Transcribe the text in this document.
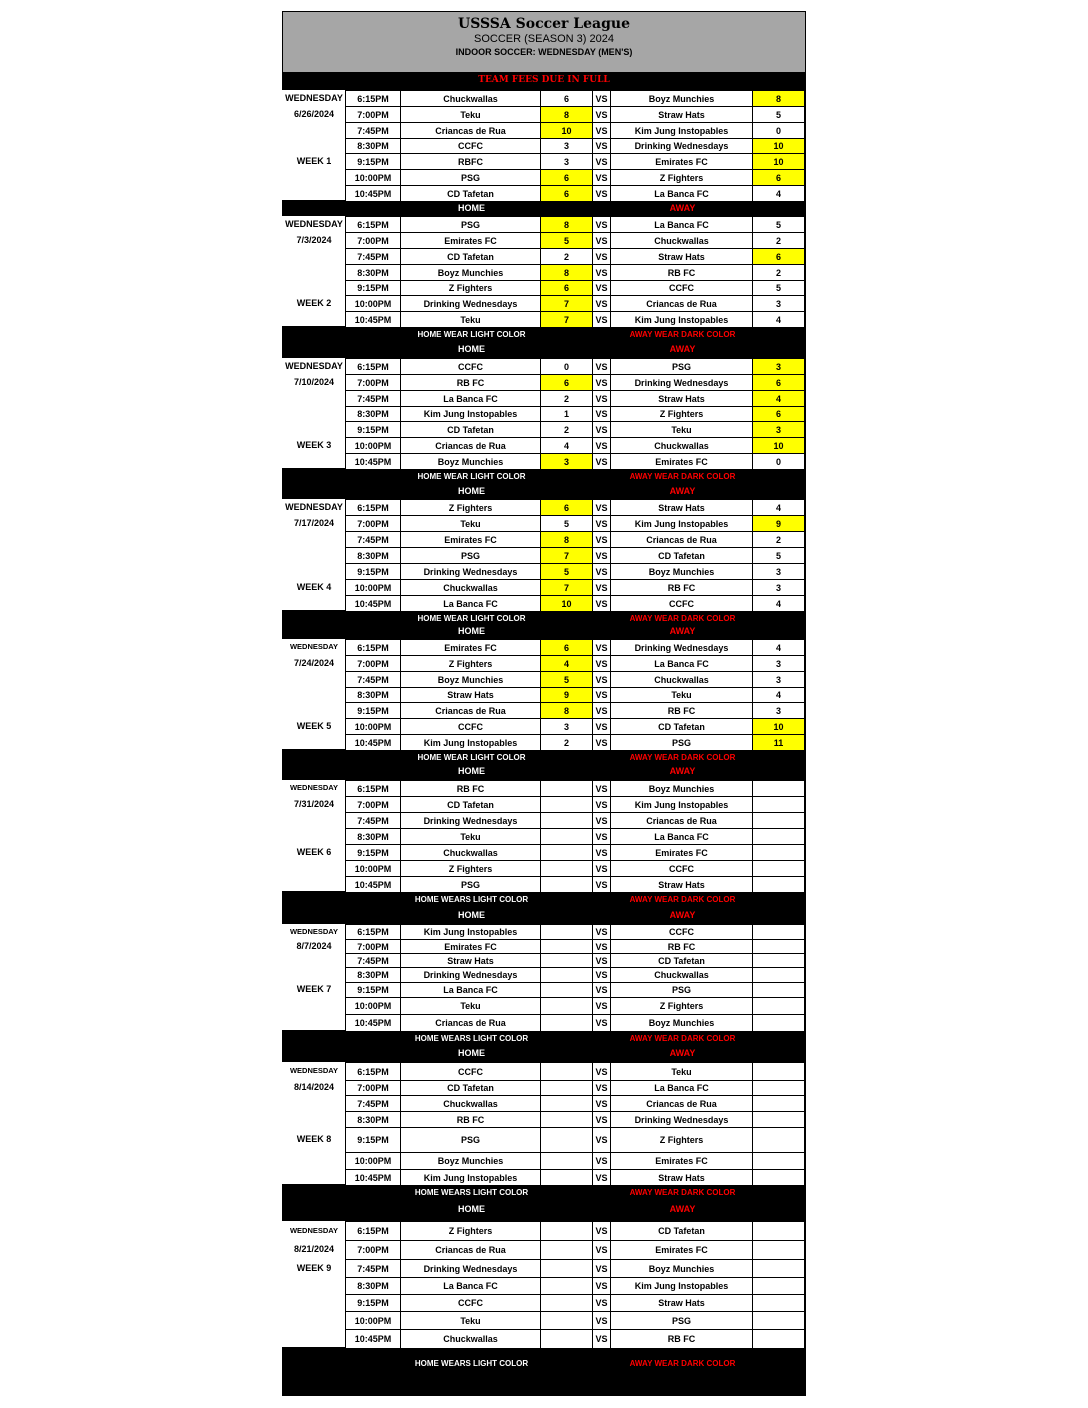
USSSA Soccer League
SOCCER (SEASON 3) 2024
INDOOR SOCCER: WEDNESDAY (MEN'S)
TEAM FEES DUE IN FULL
WEDNESDAY
6/26/2024
WEEK 1
6:15PM	Chuckwallas	6	VS	Boyz Munchies	8
7:00PM	Teku	8	VS	Straw Hats	5
7:45PM	Criancas de Rua	10	VS	Kim Jung Instopables	0
8:30PM	CCFC	3	VS	Drinking Wednesdays	10
9:15PM	RBFC	3	VS	Emirates FC	10
10:00PM	PSG	6	VS	Z Fighters	6
10:45PM	CD Tafetan	6	VS	La Banca FC	4
HOME	AWAY
WEDNESDAY
7/3/2024
WEEK 2
6:15PM	PSG	8	VS	La Banca FC	5
7:00PM	Emirates FC	5	VS	Chuckwallas	2
7:45PM	CD Tafetan	2	VS	Straw Hats	6
8:30PM	Boyz Munchies	8	VS	RB FC	2
9:15PM	Z Fighters	6	VS	CCFC	5
10:00PM	Drinking Wednesdays	7	VS	Criancas de Rua	3
10:45PM	Teku	7	VS	Kim Jung Instopables	4
HOME WEAR LIGHT COLOR	AWAY WEAR DARK COLOR
HOME	AWAY
WEDNESDAY
7/10/2024
WEEK 3
6:15PM	CCFC	0	VS	PSG	3
7:00PM	RB FC	6	VS	Drinking Wednesdays	6
7:45PM	La Banca FC	2	VS	Straw Hats	4
8:30PM	Kim Jung Instopables	1	VS	Z Fighters	6
9:15PM	CD Tafetan	2	VS	Teku	3
10:00PM	Criancas de Rua	4	VS	Chuckwallas	10
10:45PM	Boyz Munchies	3	VS	Emirates FC	0
HOME WEAR LIGHT COLOR	AWAY WEAR DARK COLOR
HOME	AWAY
WEDNESDAY
7/17/2024
WEEK 4
6:15PM	Z Fighters	6	VS	Straw Hats	4
7:00PM	Teku	5	VS	Kim Jung Instopables	9
7:45PM	Emirates FC	8	VS	Criancas de Rua	2
8:30PM	PSG	7	VS	CD Tafetan	5
9:15PM	Drinking Wednesdays	5	VS	Boyz Munchies	3
10:00PM	Chuckwallas	7	VS	RB FC	3
10:45PM	La Banca FC	10	VS	CCFC	4
HOME WEAR LIGHT COLOR	AWAY WEAR DARK COLOR
HOME	AWAY
WEDNESDAY
7/24/2024
WEEK 5
6:15PM	Emirates FC	6	VS	Drinking Wednesdays	4
7:00PM	Z Fighters	4	VS	La Banca FC	3
7:45PM	Boyz Munchies	5	VS	Chuckwallas	3
8:30PM	Straw Hats	9	VS	Teku	4
9:15PM	Criancas de Rua	8	VS	RB FC	3
10:00PM	CCFC	3	VS	CD Tafetan	10
10:45PM	Kim Jung Instopables	2	VS	PSG	11
HOME WEAR LIGHT COLOR	AWAY WEAR DARK COLOR
HOME	AWAY
WEDNESDAY
7/31/2024
WEEK 6
6:15PM	RB FC	VS	Boyz Munchies
7:00PM	CD Tafetan	VS	Kim Jung Instopables
7:45PM	Drinking Wednesdays	VS	Criancas de Rua
8:30PM	Teku	VS	La Banca FC
9:15PM	Chuckwallas	VS	Emirates FC
10:00PM	Z Fighters	VS	CCFC
10:45PM	PSG	VS	Straw Hats
HOME WEARS LIGHT COLOR	AWAY WEAR DARK COLOR
HOME	AWAY
WEDNESDAY
8/7/2024
WEEK 7
6:15PM	Kim Jung Instopables	VS	CCFC
7:00PM	Emirates FC	VS	RB FC
7:45PM	Straw Hats	VS	CD Tafetan
8:30PM	Drinking Wednesdays	VS	Chuckwallas
9:15PM	La Banca FC	VS	PSG
10:00PM	Teku	VS	Z Fighters
10:45PM	Criancas de Rua	VS	Boyz Munchies
HOME WEARS LIGHT COLOR	AWAY WEAR DARK COLOR
HOME	AWAY
WEDNESDAY
8/14/2024
WEEK 8
6:15PM	CCFC	VS	Teku
7:00PM	CD Tafetan	VS	La Banca FC
7:45PM	Chuckwallas	VS	Criancas de Rua
8:30PM	RB FC	VS	Drinking Wednesdays
9:15PM	PSG	VS	Z Fighters
10:00PM	Boyz Munchies	VS	Emirates FC
10:45PM	Kim Jung Instopables	VS	Straw Hats
HOME WEARS LIGHT COLOR	AWAY WEAR DARK COLOR
HOME	AWAY
WEDNESDAY
8/21/2024
WEEK 9
6:15PM	Z Fighters	VS	CD Tafetan
7:00PM	Criancas de Rua	VS	Emirates FC
7:45PM	Drinking Wednesdays	VS	Boyz Munchies
8:30PM	La Banca FC	VS	Kim Jung Instopables
9:15PM	CCFC	VS	Straw Hats
10:00PM	Teku	VS	PSG
10:45PM	Chuckwallas	VS	RB FC
HOME WEARS LIGHT COLOR	AWAY WEAR DARK COLOR
